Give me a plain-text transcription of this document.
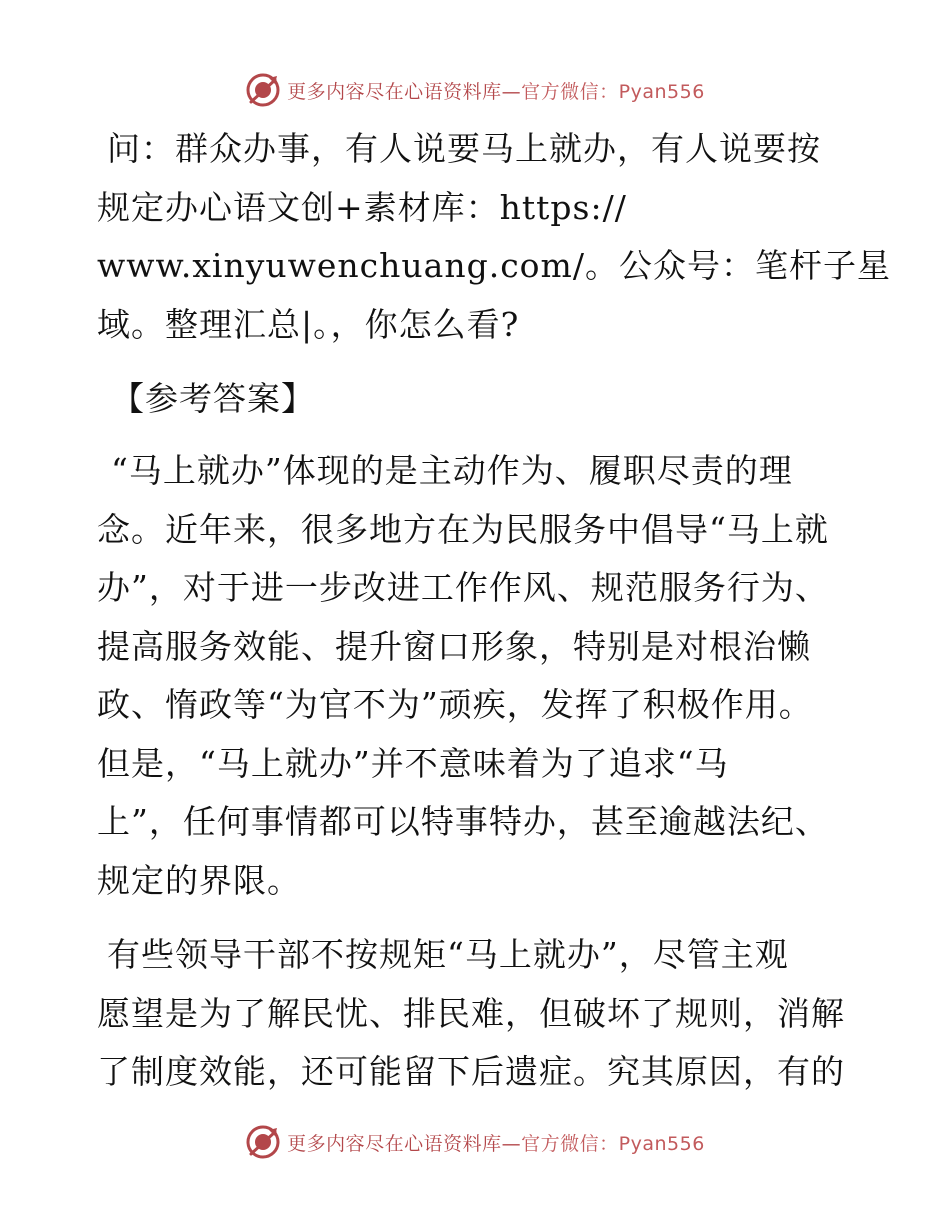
更多内容尽在心语资料库— 官方微信：Pyan556

问：群众办事，有人说要马上就办，有人说要按

规定办心语文创+素材库：https://

www.xinyuwenchuang.com/。公众号：笔杆子星

域。整理汇总|。，你怎么看?

【参考答案】

“马上就办”体现的是主动作为、履职尽责的理

念。近年来，很多地方在为民服务中倡导“马上就

办”，对于进一步改进工作作风、规范服务行为、

提高服务效能、提升窗口形象，特别是对根治懒

政、惰政等“为官不为”顽疾，发挥了积极作用。

但是，“马上就办”并不意味着为了追求“马

上”，任何事情都可以特事特办，甚至逾越法纪、

规定的界限。

有些领导干部不按规矩“马上就办”，尽管主观

愿望是为了解民忧、排民难，但破坏了规则，消解

了制度效能，还可能留下后遗症。究其原因，有的

更多内容尽在心语资料库— 官方微信：Pyan556
